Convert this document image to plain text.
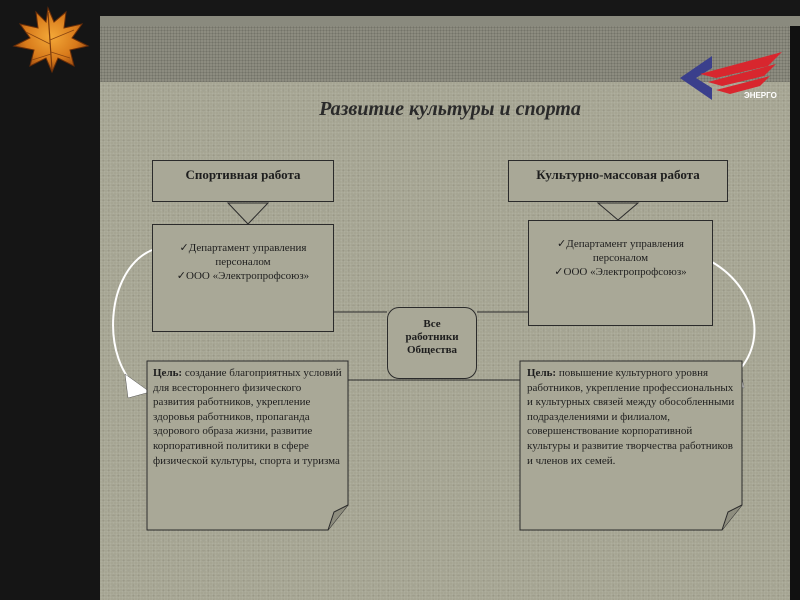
ЭНЕРГО
Развитие культуры и спорта
Спортивная работа	Культурно-массовая работа
✓Департамент управления
персоналом
✓ООО «Электропрофсоюз»
✓Департамент управления
персоналом
✓ООО «Электропрофсоюз»
Все
работники
Общества
Цель: создание благоприятных условий для всестороннего физического развития работников, укрепление здоровья работников, пропаганда здорового образа жизни, развитие корпоративной политики в сфере физической культуры, спорта и туризма
Цель: повышение культурного уровня работников, укрепление профессиональных и культурных связей между обособленными подразделениями и филиалом, совершенствование корпоративной культуры и развитие творчества работников и членов их семей.
